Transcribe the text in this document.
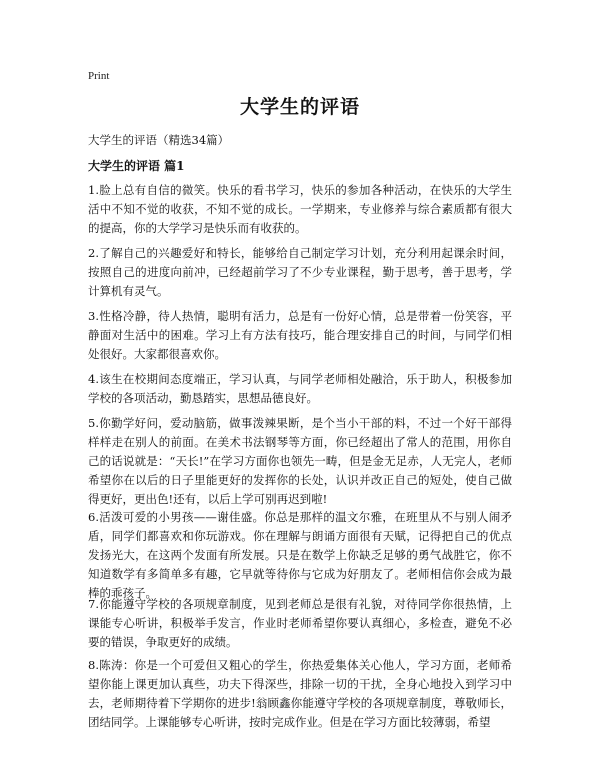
Print
大学生的评语
大学生的评语（精选34篇）
大学生的评语 篇1

1.脸上总有自信的微笑。快乐的看书学习，快乐的参加各种活动，在快乐的大学生活中不知不觉的收获，不知不觉的成长。一学期来，专业修养与综合素质都有很大的提高，你的大学学习是快乐而有收获的。

2.了解自己的兴趣爱好和特长，能够给自己制定学习计划，充分利用起课余时间，按照自己的进度向前冲，已经超前学习了不少专业课程，勤于思考，善于思考，学计算机有灵气。

3.性格冷静，待人热情，聪明有活力，总是有一份好心情，总是带着一份笑容，平静面对生活中的困难。学习上有方法有技巧，能合理安排自己的时间，与同学们相处很好。大家都很喜欢你。

4.该生在校期间态度端正，学习认真，与同学老师相处融洽，乐于助人，积极参加学校的各项活动，勤恳踏实，思想品德良好。

5.你勤学好问，爱动脑筋，做事泼辣果断，是个当小干部的料，不过一个好干部得样样走在别人的前面。在美术书法钢琴等方面，你已经超出了常人的范围，用你自己的话说就是：“天长!”在学习方面你也领先一畴，但是金无足赤，人无完人，老师希望你在以后的日子里能更好的发挥你的长处，认识并改正自己的短处，使自己做得更好，更出色!还有，以后上学可别再迟到啦!

6.活泼可爱的小男孩——谢佳盛。你总是那样的温文尔雅，在班里从不与别人闹矛盾，同学们都喜欢和你玩游戏。你在理解与朗诵方面很有天赋，记得把自己的优点发扬光大，在这两个发面有所发展。只是在数学上你缺乏足够的勇气战胜它，你不知道数学有多简单多有趣，它早就等待你与它成为好朋友了。老师相信你会成为最棒的乖孩子。

7.你能遵守学校的各项规章制度，见到老师总是很有礼貌，对待同学你很热情，上课能专心听讲，积极举手发言，作业时老师希望你要认真细心，多检查，避免不必要的错误，争取更好的成绩。

8.陈涛：你是一个可爱但又粗心的学生，你热爱集体关心他人，学习方面，老师希望你能上课更加认真些，功夫下得深些，排除一切的干扰，全身心地投入到学习中去，老师期待着下学期你的进步!翁顾鑫你能遵守学校的各项规章制度，尊敬师长，团结同学。上课能够专心听讲，按时完成作业。但是在学习方面比较薄弱，希望
